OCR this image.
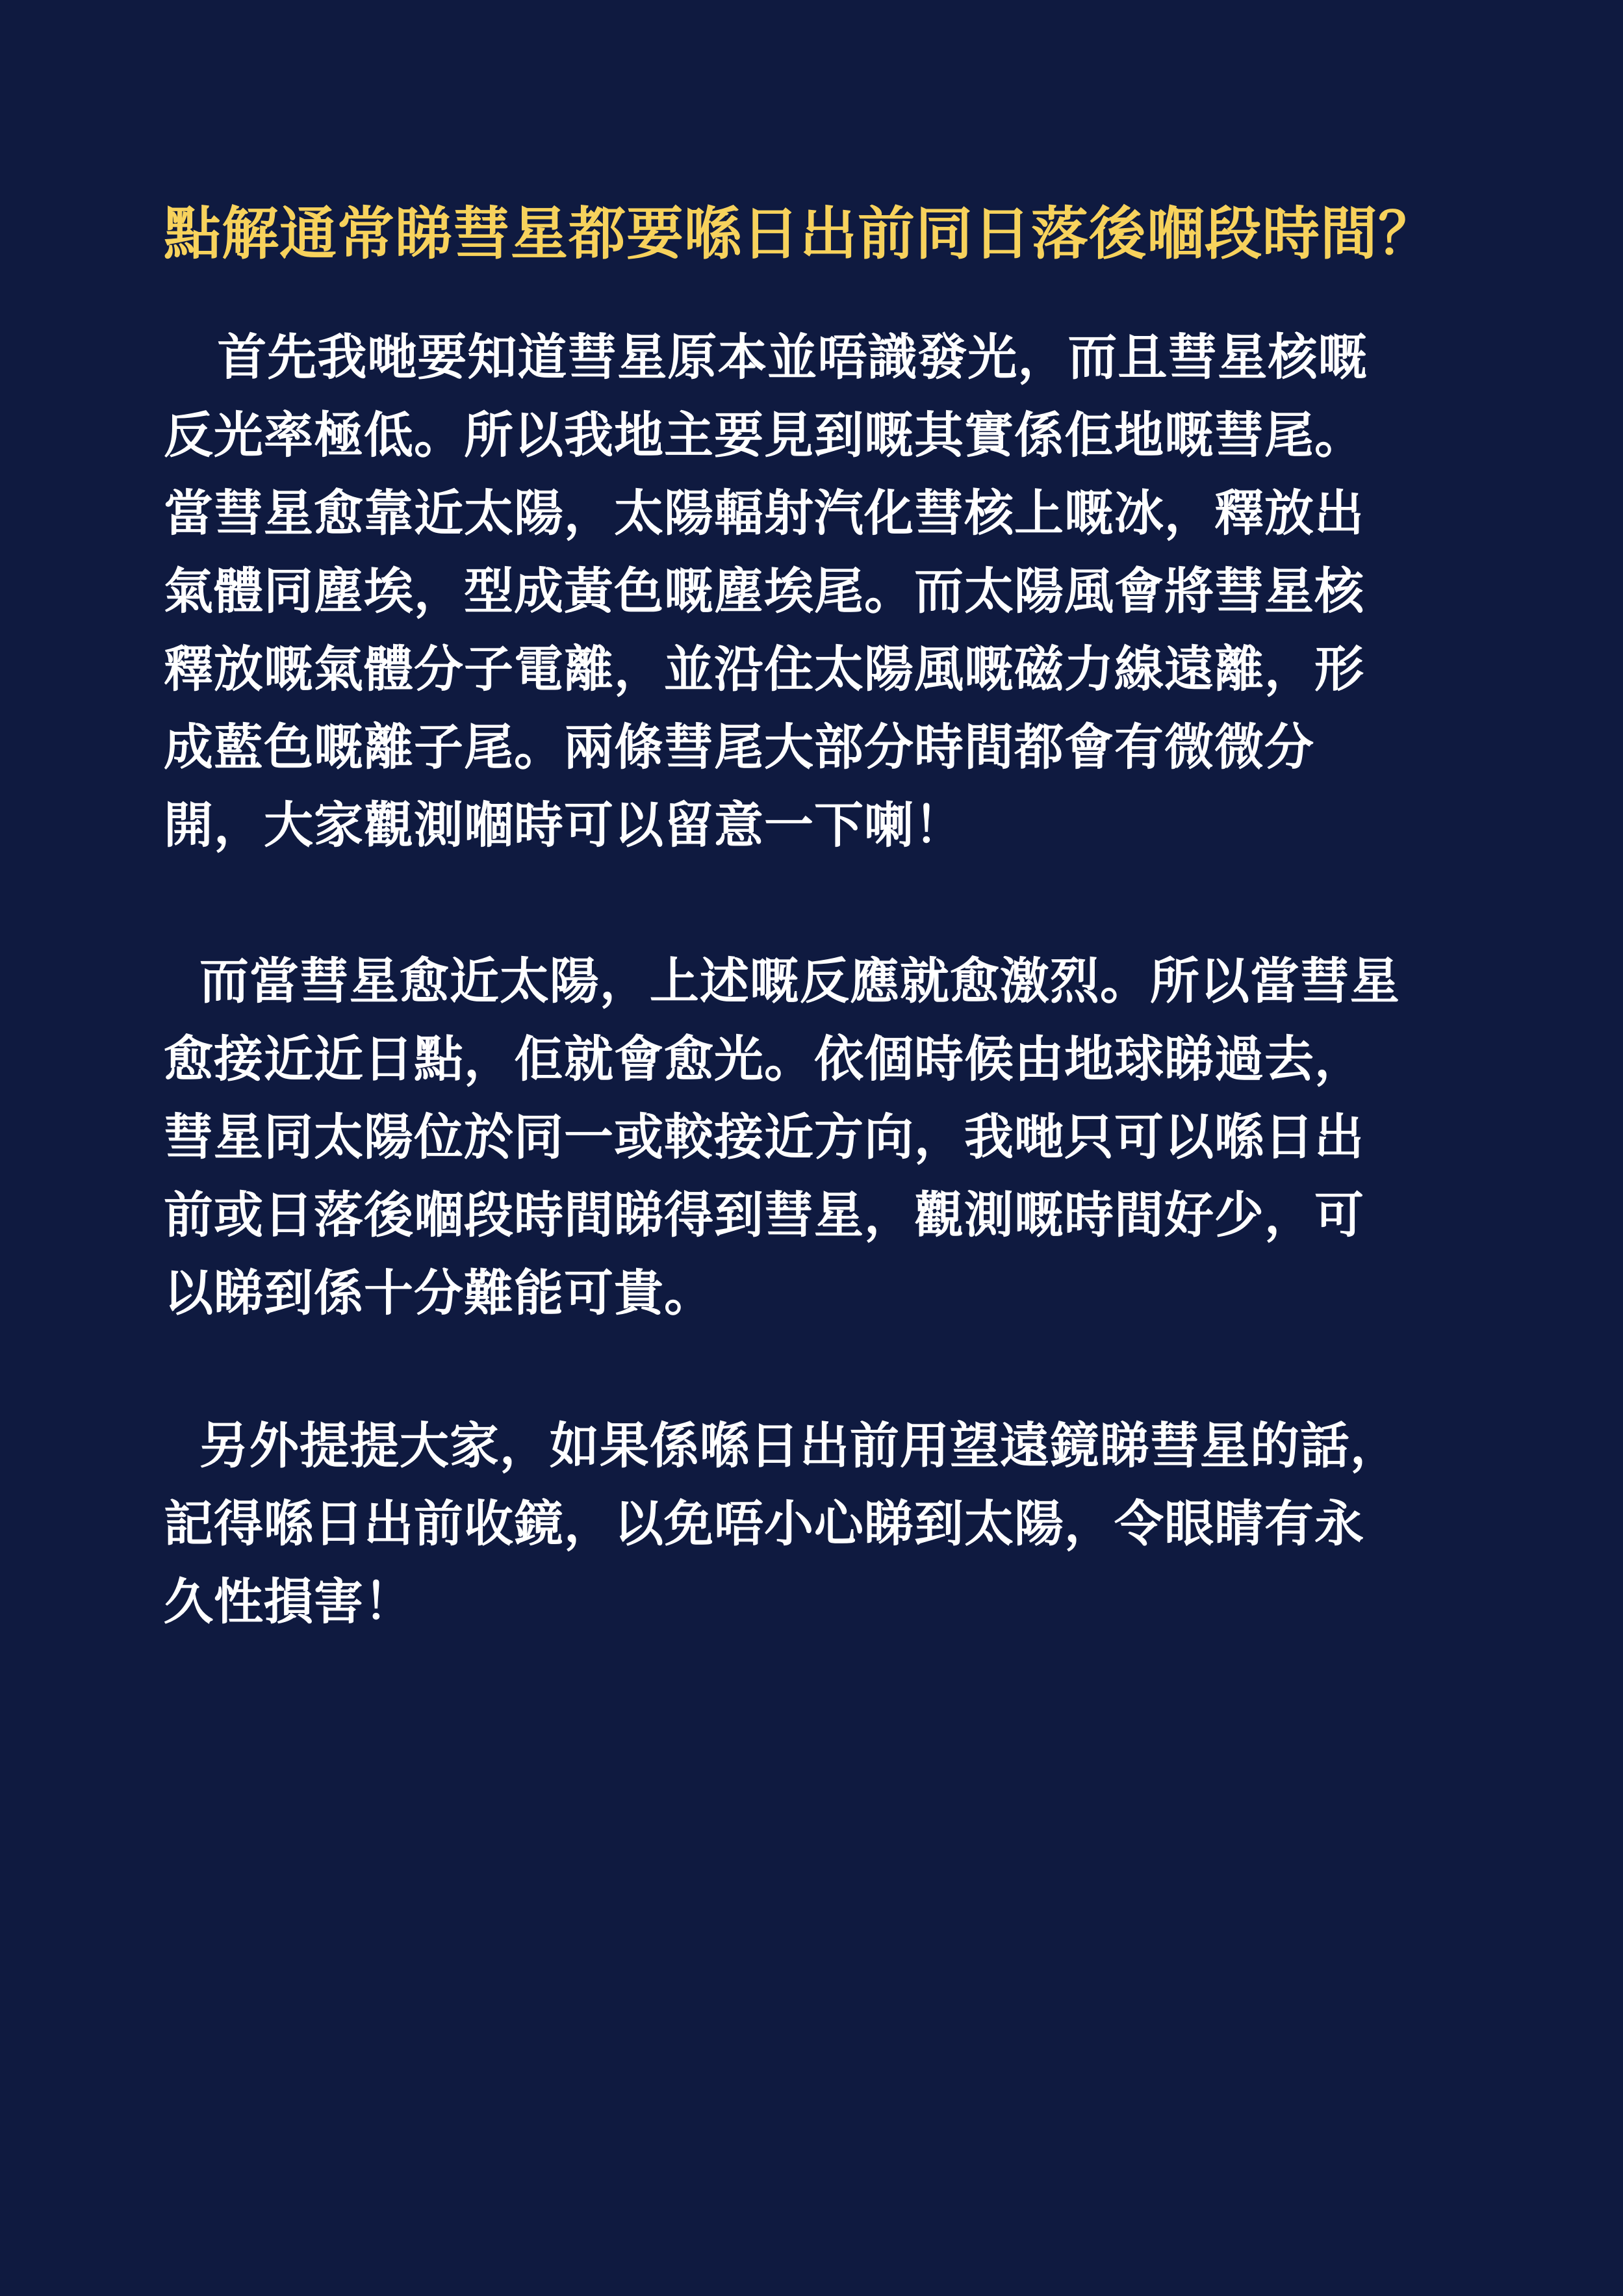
點解通常睇彗星都要喺日出前同日落後嗰段時間？

首先我哋要知道彗星原本並唔識發光，而且彗星核嘅

反光率極低。所以我地主要見到嘅其實係佢地嘅彗尾。

當彗星愈靠近太陽，太陽輻射汽化彗核上嘅冰，釋放出

氣體同塵埃，型成黃色嘅塵埃尾。而太陽風會將彗星核

釋放嘅氣體分子電離，並沿住太陽風嘅磁力線遠離，形

成藍色嘅離子尾。兩條彗尾大部分時間都會有微微分

開，大家觀測嗰時可以留意一下喇！

而當彗星愈近太陽，上述嘅反應就愈激烈。所以當彗星

愈接近近日點，佢就會愈光。依個時候由地球睇過去，

彗星同太陽位於同一或較接近方向，我哋只可以喺日出

前或日落後嗰段時間睇得到彗星，觀測嘅時間好少，可

以睇到係十分難能可貴。

另外提提大家，如果係喺日出前用望遠鏡睇彗星的話，

記得喺日出前收鏡，以免唔小心睇到太陽，令眼睛有永

久性損害！
